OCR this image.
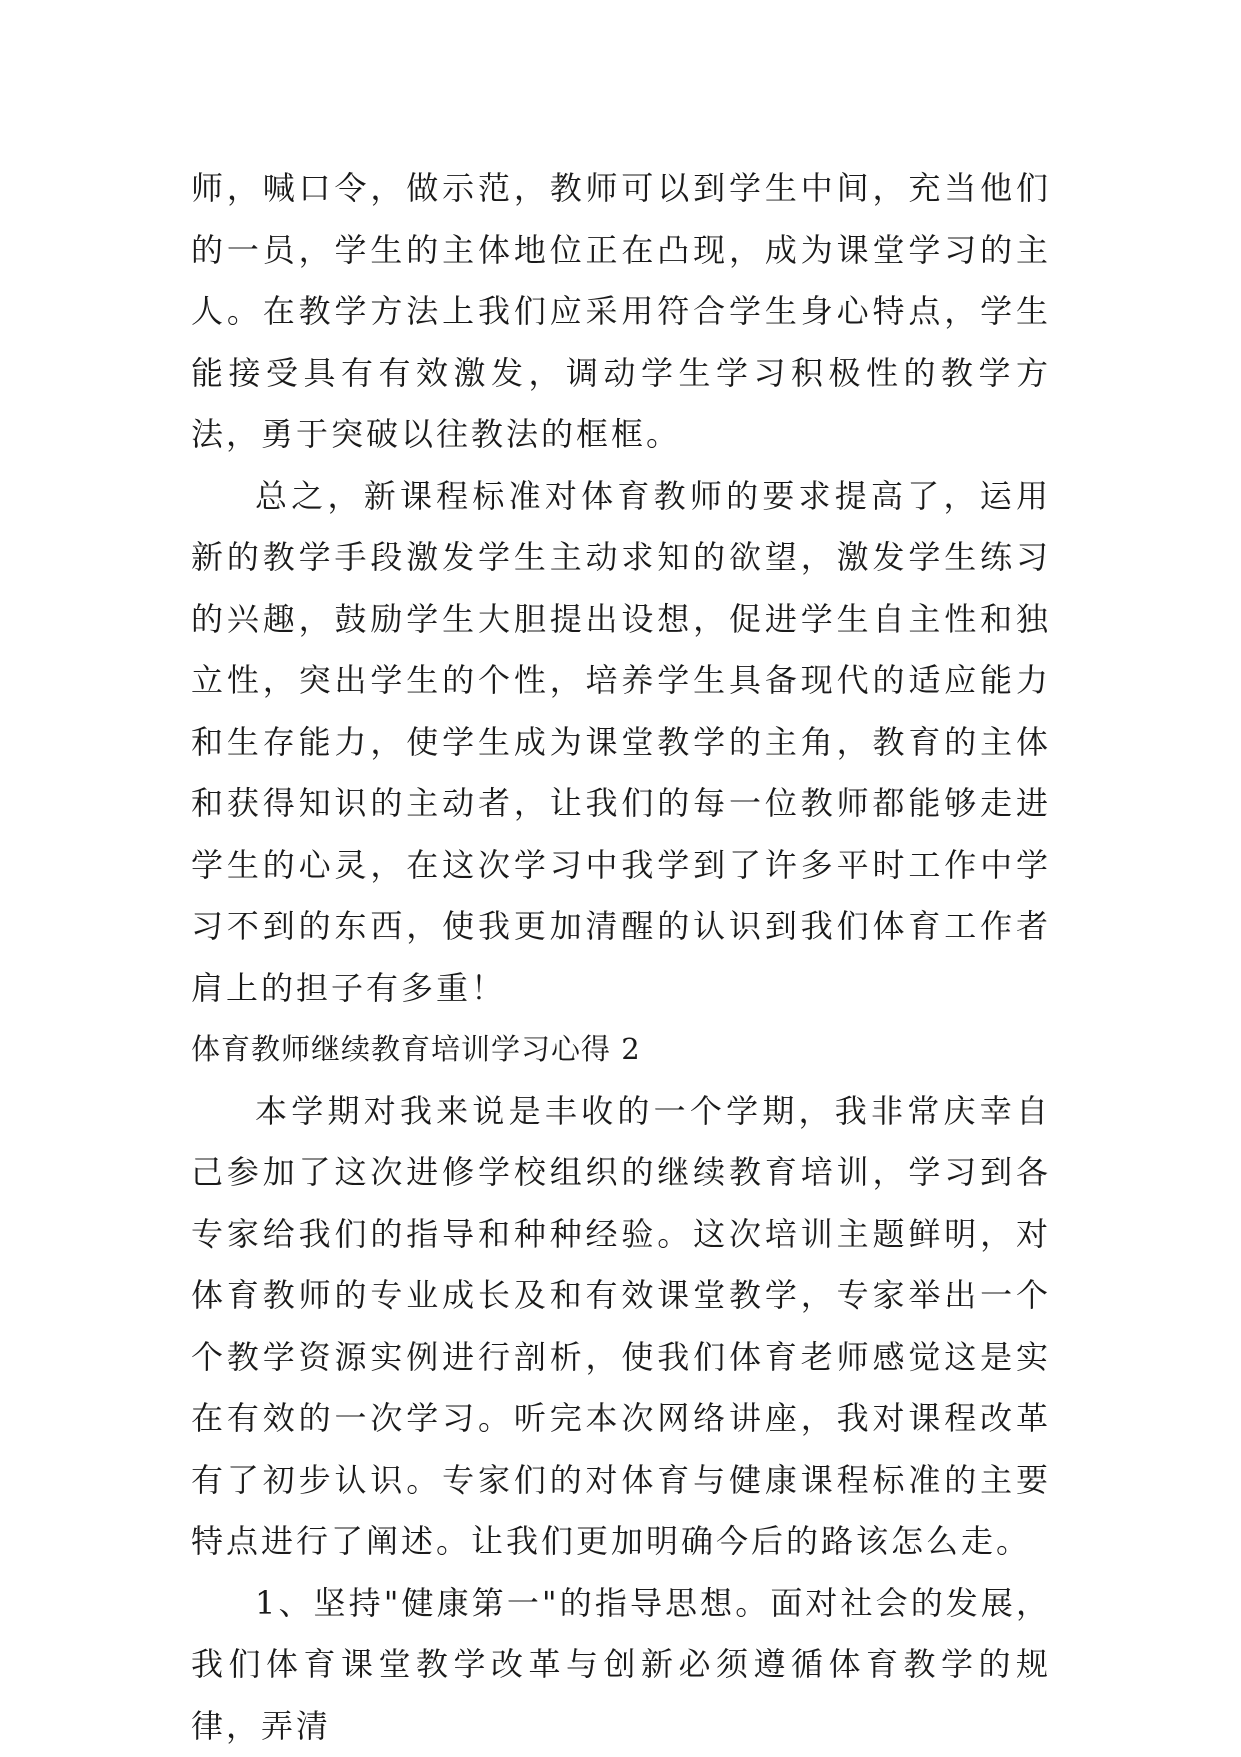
师，喊口令，做示范，教师可以到学生中间，充当他们的一员，学生的主体地位正在凸现，成为课堂学习的主人。在教学方法上我们应采用符合学生身心特点，学生能接受具有有效激发，调动学生学习积极性的教学方法，勇于突破以往教法的框框。

总之，新课程标准对体育教师的要求提高了，运用新的教学手段激发学生主动求知的欲望，激发学生练习的兴趣，鼓励学生大胆提出设想，促进学生自主性和独立性，突出学生的个性，培养学生具备现代的适应能力和生存能力，使学生成为课堂教学的主角，教育的主体和获得知识的主动者，让我们的每一位教师都能够走进学生的心灵，在这次学习中我学到了许多平时工作中学习不到的东西，使我更加清醒的认识到我们体育工作者肩上的担子有多重！

体育教师继续教育培训学习心得 2

本学期对我来说是丰收的一个学期，我非常庆幸自己参加了这次进修学校组织的继续教育培训，学习到各专家给我们的指导和种种经验。这次培训主题鲜明，对体育教师的专业成长及和有效课堂教学，专家举出一个个教学资源实例进行剖析，使我们体育老师感觉这是实在有效的一次学习。听完本次网络讲座，我对课程改革有了初步认识。专家们的对体育与健康课程标准的主要特点进行了阐述。让我们更加明确今后的路该怎么走。

1、坚持"健康第一"的指导思想。面对社会的发展，我们体育课堂教学改革与创新必须遵循体育教学的规律，弄清
